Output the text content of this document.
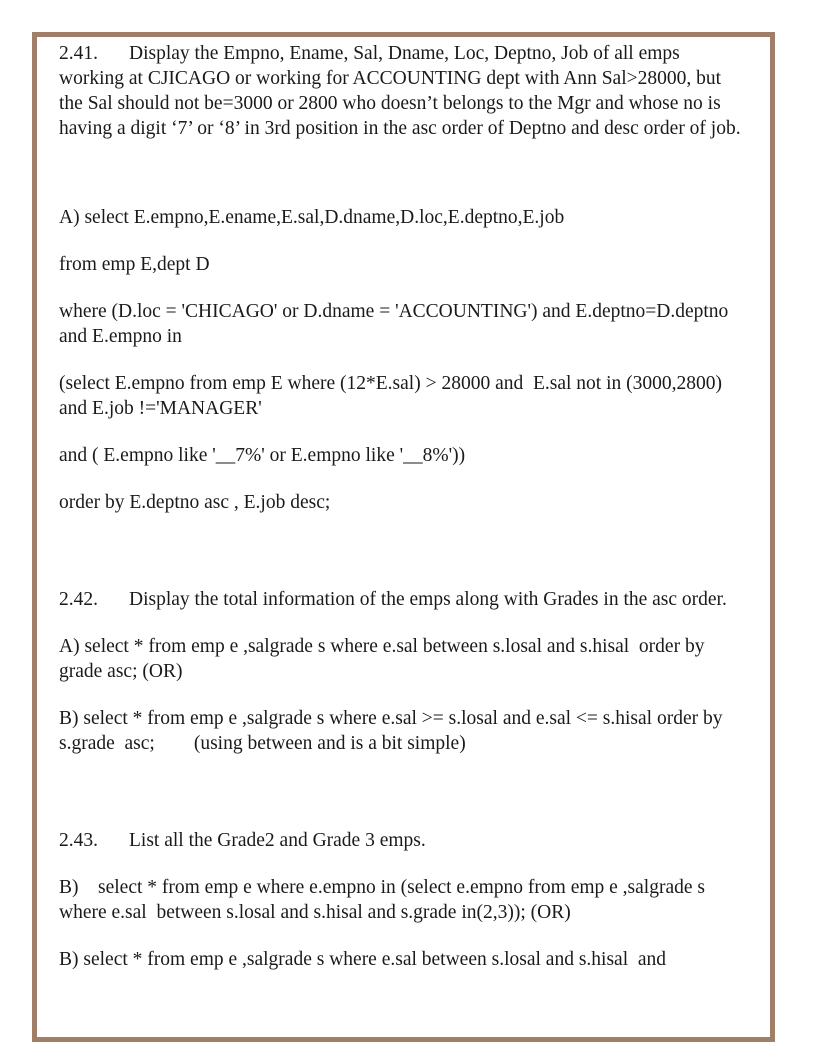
2.41. Display the Empno, Ename, Sal, Dname, Loc, Deptno, Job of all emps working at CJICAGO or working for ACCOUNTING dept with Ann Sal>28000, but the Sal should not be=3000 or 2800 who doesn’t belongs to the Mgr and whose no is having a digit ‘7’ or ‘8’ in 3rd position in the asc order of Deptno and desc order of job.

A) select E.empno,E.ename,E.sal,D.dname,D.loc,E.deptno,E.job

from emp E,dept D

where (D.loc = 'CHICAGO' or D.dname = 'ACCOUNTING') and E.deptno=D.deptno and E.empno in

(select E.empno from emp E where (12*E.sal) > 28000 and  E.sal not in (3000,2800)  and E.job !='MANAGER'

and ( E.empno like '__7%' or E.empno like '__8%'))

order by E.deptno asc , E.job desc;

2.42. Display the total information of the emps along with Grades in the asc order.

A) select * from emp e ,salgrade s where e.sal between s.losal and s.hisal  order by grade asc; (OR)

B) select * from emp e ,salgrade s where e.sal >= s.losal and e.sal <= s.hisal order by s.grade  asc;        (using between and is a bit simple)

2.43. List all the Grade2 and Grade 3 emps.

B)    select * from emp e where e.empno in (select e.empno from emp e ,salgrade s where e.sal  between s.losal and s.hisal and s.grade in(2,3)); (OR)

B) select * from emp e ,salgrade s where e.sal between s.losal and s.hisal  and
